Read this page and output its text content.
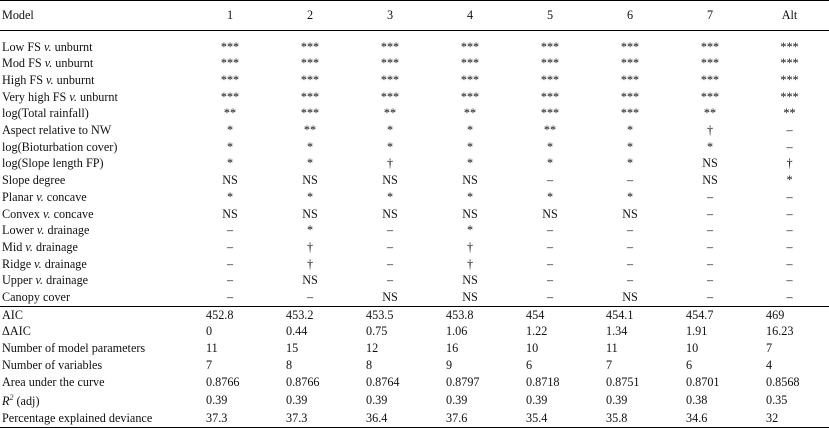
Model	1	2	3	4	5	6	7	Alt

Low FS v. unburnt	***	***	***	***	***	***	***	***
Mod FS v. unburnt	***	***	***	***	***	***	***	***
High FS v. unburnt	***	***	***	***	***	***	***	***
Very high FS v. unburnt	***	***	***	***	***	***	***	***
log(Total rainfall)	**	***	**	**	***	***	**	**
Aspect relative to NW	*	**	*	*	**	*	†	–
log(Bioturbation cover)	*	*	*	*	*	*	*	–
log(Slope length FP)	*	*	†	*	*	*	NS	†
Slope degree	NS	NS	NS	NS	–	–	NS	*
Planar v. concave	*	*	*	*	*	*	–	–
Convex v. concave	NS	NS	NS	NS	NS	NS	–	–
Lower v. drainage	–	*	–	*	–	–	–	–
Mid v. drainage	–	†	–	†	–	–	–	–
Ridge v. drainage	–	†	–	†	–	–	–	–
Upper v. drainage	–	NS	–	NS	–	–	–	–
Canopy cover	–	–	NS	NS	–	NS	–	–
AIC	452.8	453.2	453.5	453.8	454	454.1	454.7	469
ΔAIC	0	0.44	0.75	1.06	1.22	1.34	1.91	16.23
Number of model parameters	11	15	12	16	10	11	10	7
Number of variables	7	8	8	9	6	7	6	4
Area under the curve	0.8766	0.8766	0.8764	0.8797	0.8718	0.8751	0.8701	0.8568
$R^2$ (adj)	0.39	0.39	0.39	0.39	0.39	0.39	0.38	0.35
Percentage explained deviance	37.3	37.3	36.4	37.6	35.4	35.8	34.6	32
